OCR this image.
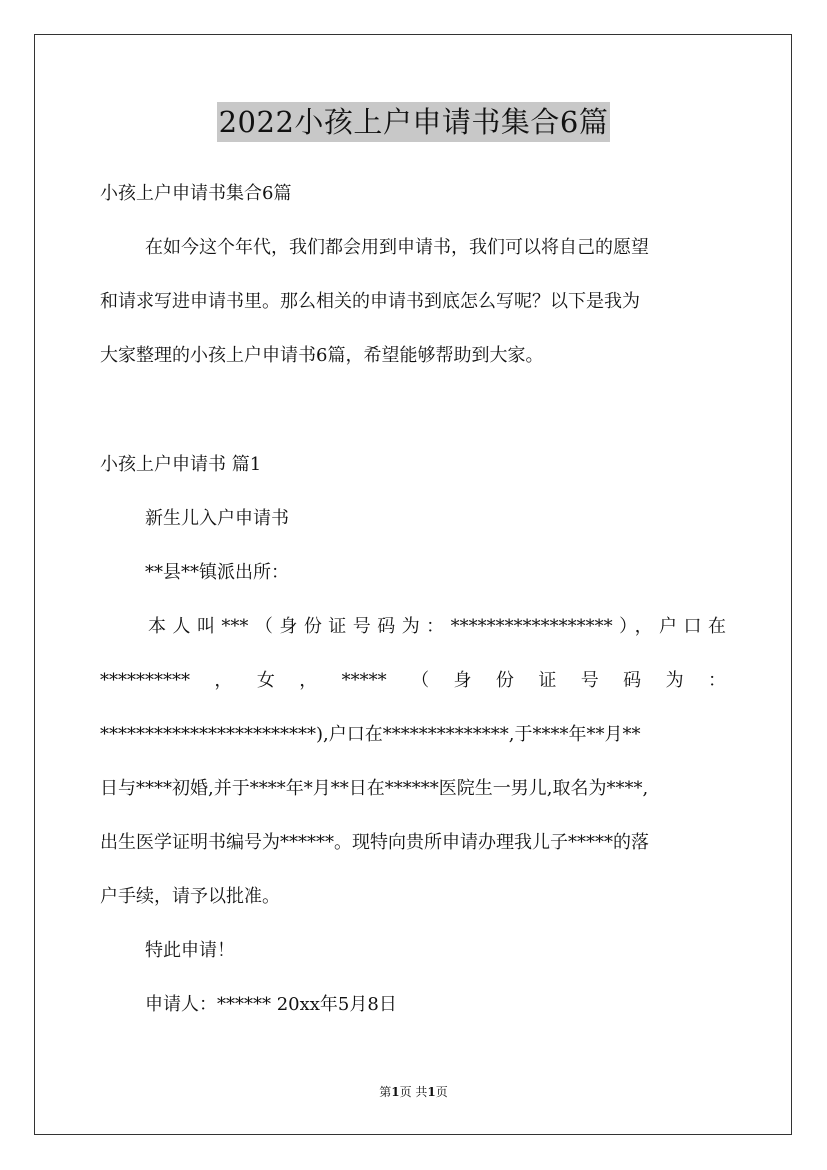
2022小孩上户申请书集合6篇
小孩上户申请书集合6篇
在如今这个年代，我们都会用到申请书，我们可以将自己的愿望
和请求写进申请书里。那么相关的申请书到底怎么写呢？以下是我为
大家整理的小孩上户申请书6篇，希望能够帮助到大家。
小孩上户申请书 篇1
新生儿入户申请书
**县**镇派出所：
本人叫***（身份证号码为：******************），户口在
**********，女，*****（身份证号码为：
************************),户口在**************,于****年**月**
日与****初婚,并于****年*月**日在******医院生一男儿,取名为****,
出生医学证明书编号为******。现特向贵所申请办理我儿子*****的落
户手续，请予以批准。
特此申请！
申请人：****** 20xx年5月8日
第1页 共1页
